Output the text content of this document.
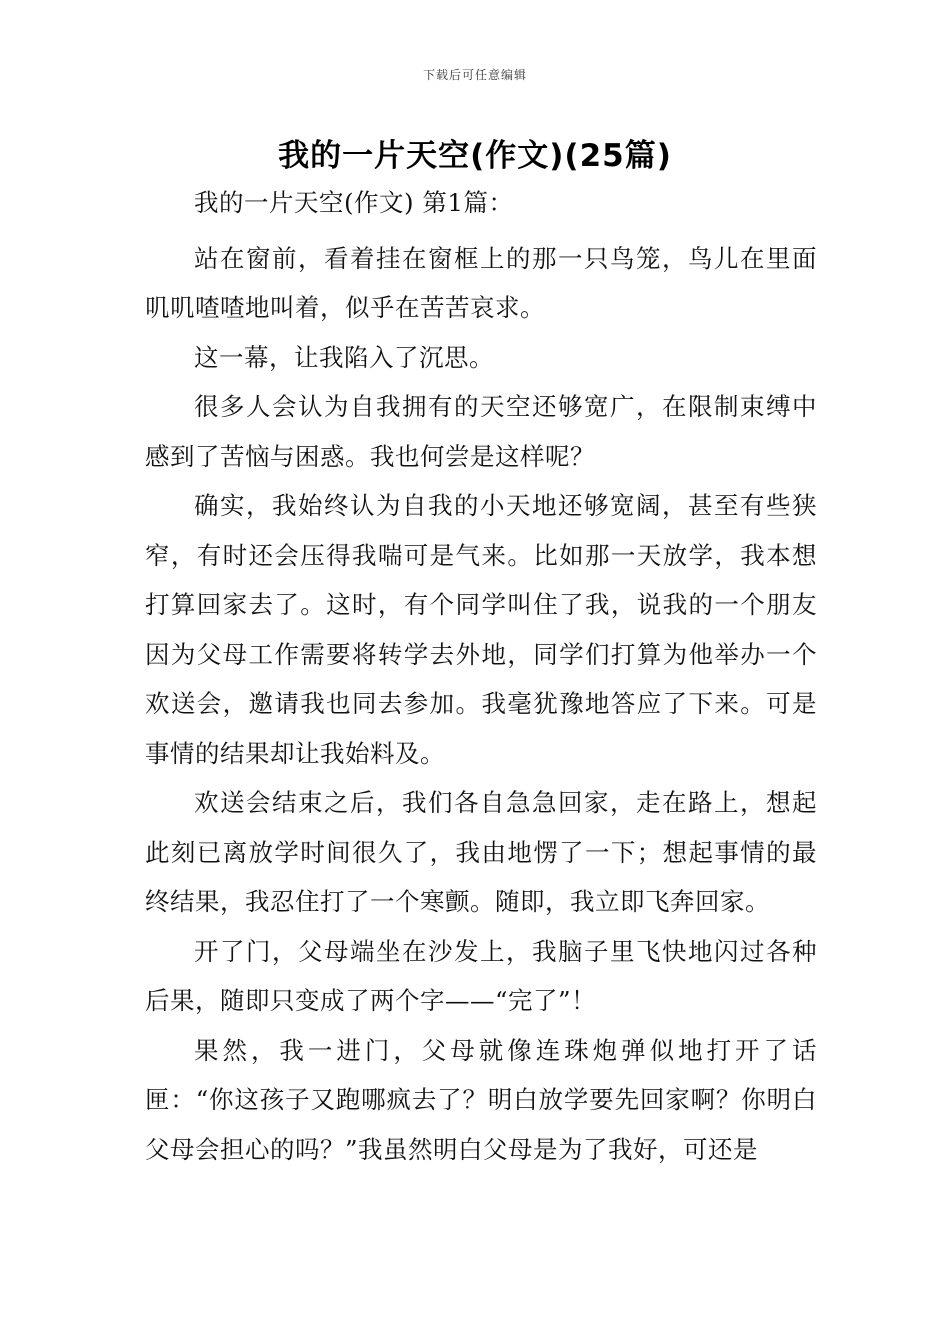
下载后可任意编辑
我的一片天空(作文)(25篇)

我的一片天空(作文) 第1篇：

站在窗前，看着挂在窗框上的那一只鸟笼，鸟儿在里面叽叽喳喳地叫着，似乎在苦苦哀求。

这一幕，让我陷入了沉思。

很多人会认为自我拥有的天空还够宽广，在限制束缚中感到了苦恼与困惑。我也何尝是这样呢？

确实，我始终认为自我的小天地还够宽阔，甚至有些狭窄，有时还会压得我喘可是气来。比如那一天放学，我本想打算回家去了。这时，有个同学叫住了我，说我的一个朋友因为父母工作需要将转学去外地，同学们打算为他举办一个欢送会，邀请我也同去参加。我毫犹豫地答应了下来。可是事情的结果却让我始料及。

欢送会结束之后，我们各自急急回家，走在路上，想起此刻已离放学时间很久了，我由地愣了一下；想起事情的最终结果，我忍住打了一个寒颤。随即，我立即飞奔回家。

开了门，父母端坐在沙发上，我脑子里飞快地闪过各种后果，随即只变成了两个字——“完了”！

果然，我一进门，父母就像连珠炮弹似地打开了话匣：“你这孩子又跑哪疯去了？明白放学要先回家啊？你明白父母会担心的吗？”我虽然明白父母是为了我好，可还是
